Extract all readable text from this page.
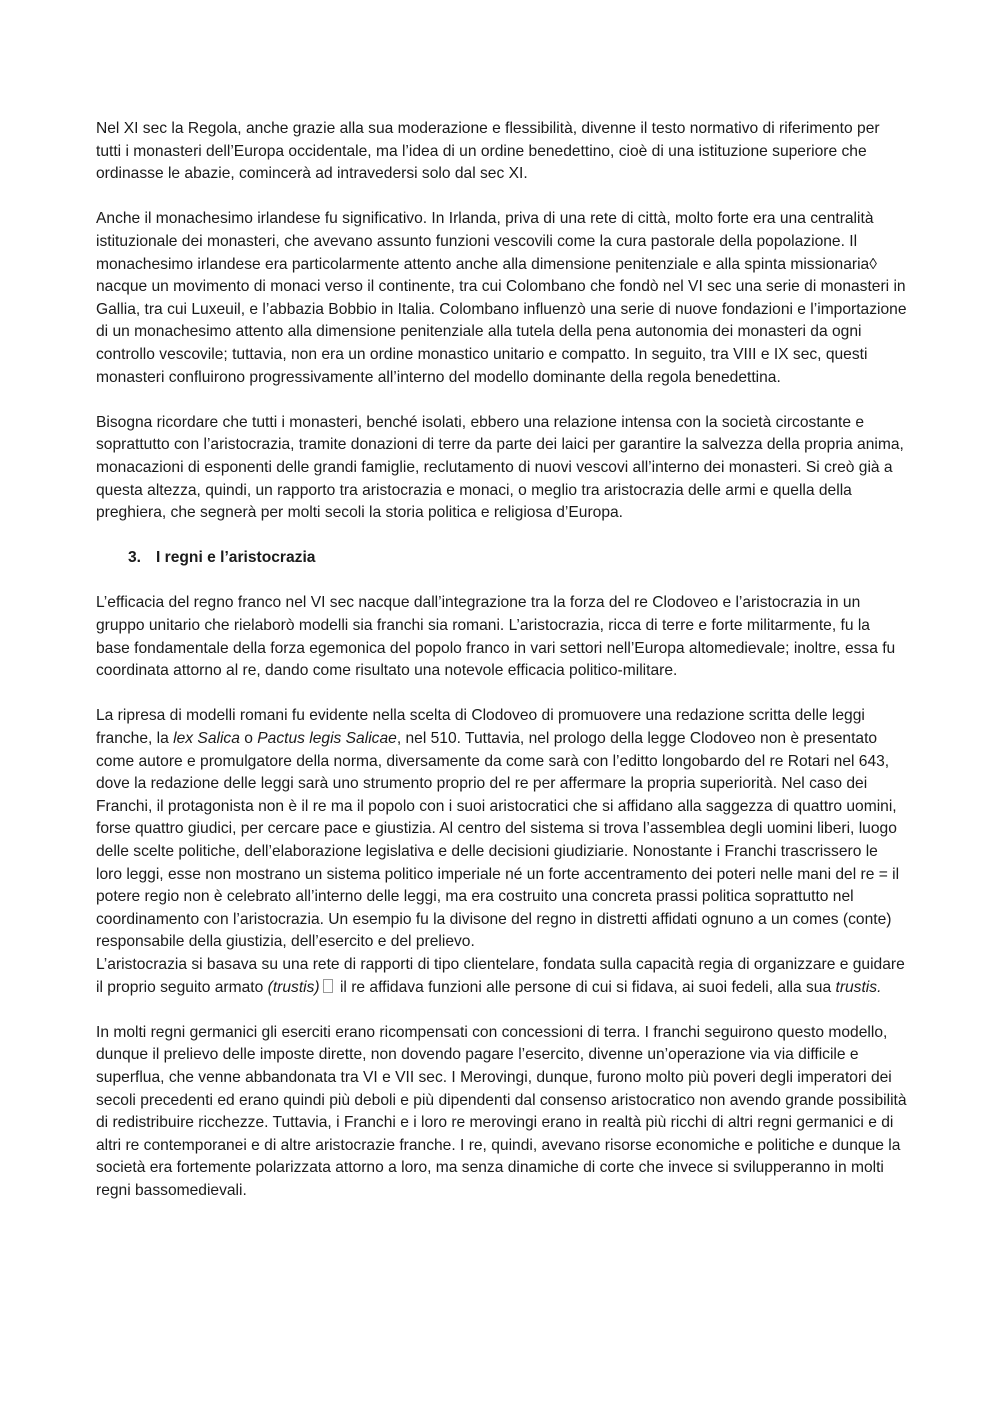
Nel XI sec la Regola, anche grazie alla sua moderazione e flessibilità, divenne il testo normativo di riferimento per tutti i monasteri dell’Europa occidentale, ma l’idea di un ordine benedettino, cioè di una istituzione superiore che ordinasse le abazie, comincerà ad intravedersi solo dal sec XI.

Anche il monachesimo irlandese fu significativo. In Irlanda, priva di una rete di città, molto forte era una centralità istituzionale dei monasteri, che avevano assunto funzioni vescovili come la cura pastorale della popolazione. Il monachesimo irlandese era particolarmente attento anche alla dimensione penitenziale e alla spinta missionaria◊ nacque un movimento di monaci verso il continente, tra cui Colombano che fondò nel VI sec una serie di monasteri in Gallia, tra cui Luxeuil, e l’abbazia Bobbio in Italia. Colombano influenzò una serie di nuove fondazioni e l’importazione di un monachesimo attento alla dimensione penitenziale alla tutela della pena autonomia dei monasteri da ogni controllo vescovile; tuttavia, non era un ordine monastico unitario e compatto. In seguito, tra VIII e IX sec, questi monasteri confluirono progressivamente all’interno del modello dominante della regola benedettina.

Bisogna ricordare che tutti i monasteri, benché isolati, ebbero una relazione intensa con la società circostante e soprattutto con l’aristocrazia, tramite donazioni di terre da parte dei laici per garantire la salvezza della propria anima, monacazioni di esponenti delle grandi famiglie, reclutamento di nuovi vescovi all’interno dei monasteri. Si creò già a questa altezza, quindi, un rapporto tra aristocrazia e monaci, o meglio tra aristocrazia delle armi e quella della preghiera, che segnerà per molti secoli la storia politica e religiosa d’Europa.

3. I regni e l’aristocrazia

L’efficacia del regno franco nel VI sec nacque dall’integrazione tra la forza del re Clodoveo e l’aristocrazia in un gruppo unitario che rielaborò modelli sia franchi sia romani. L’aristocrazia, ricca di terre e forte militarmente, fu la base fondamentale della forza egemonica del popolo franco in vari settori nell’Europa altomedievale; inoltre, essa fu coordinata attorno al re, dando come risultato una notevole efficacia politico-militare.

La ripresa di modelli romani fu evidente nella scelta di Clodoveo di promuovere una redazione scritta delle leggi franche, la lex Salica o Pactus legis Salicae, nel 510. Tuttavia, nel prologo della legge Clodoveo non è presentato come autore e promulgatore della norma, diversamente da come sarà con l’editto longobardo del re Rotari nel 643, dove la redazione delle leggi sarà uno strumento proprio del re per affermare la propria superiorità. Nel caso dei Franchi, il protagonista non è il re ma il popolo con i suoi aristocratici che si affidano alla saggezza di quattro uomini, forse quattro giudici, per cercare pace e giustizia. Al centro del sistema si trova l’assemblea degli uomini liberi, luogo delle scelte politiche, dell’elaborazione legislativa e delle decisioni giudiziarie. Nonostante i Franchi trascrissero le loro leggi, esse non mostrano un sistema politico imperiale né un forte accentramento dei poteri nelle mani del re = il potere regio non è celebrato all’interno delle leggi, ma era costruito una concreta prassi politica soprattutto nel coordinamento con l’aristocrazia. Un esempio fu la divisone del regno in distretti affidati ognuno a un comes (conte) responsabile della giustizia, dell’esercito e del prelievo.

L’aristocrazia si basava su una rete di rapporti di tipo clientelare, fondata sulla capacità regia di organizzare e guidare il proprio seguito armato (trustis) il re affidava funzioni alle persone di cui si fidava, ai suoi fedeli, alla sua trustis.

In molti regni germanici gli eserciti erano ricompensati con concessioni di terra. I franchi seguirono questo modello, dunque il prelievo delle imposte dirette, non dovendo pagare l’esercito, divenne un’operazione via via difficile e superflua, che venne abbandonata tra VI e VII sec. I Merovingi, dunque, furono molto più poveri degli imperatori dei secoli precedenti ed erano quindi più deboli e più dipendenti dal consenso aristocratico non avendo grande possibilità di redistribuire ricchezze. Tuttavia, i Franchi e i loro re merovingi erano in realtà più ricchi di altri regni germanici e di altri re contemporanei e di altre aristocrazie franche. I re, quindi, avevano risorse economiche e politiche e dunque la società era fortemente polarizzata attorno a loro, ma senza dinamiche di corte che invece si svilupperanno in molti regni bassomedievali.
